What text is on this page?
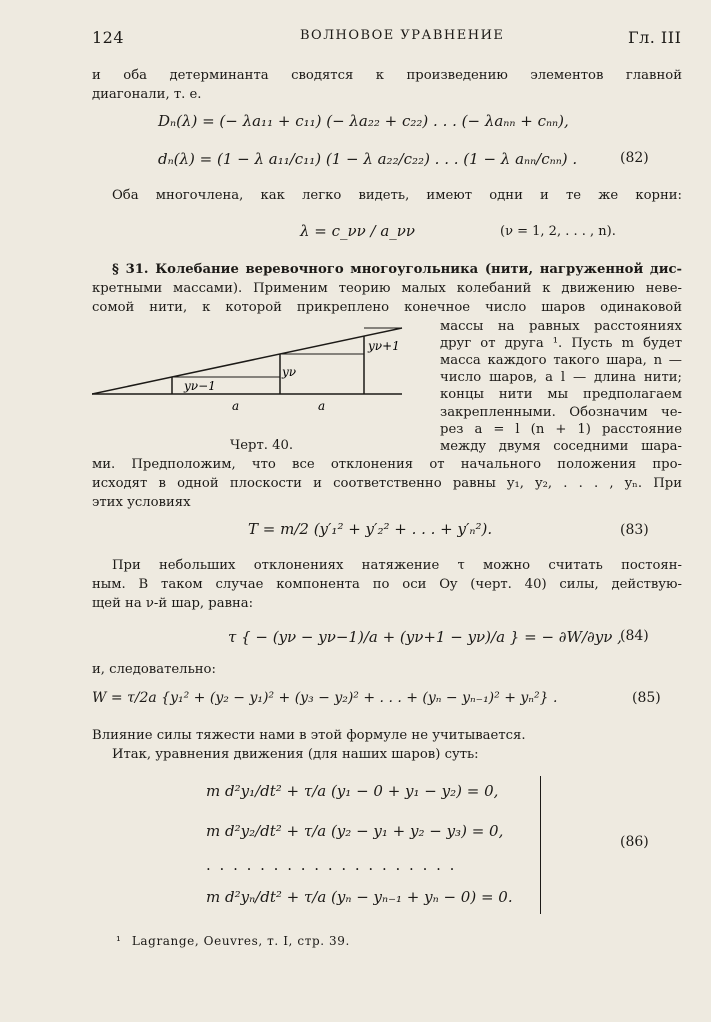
124	ВОЛНОВОЕ УРАВНЕНИЕ	Гл. III
и оба детерминанта сводятся к произведению элементов главной
диагонали, т. е.
Dₙ(λ) = (− λa₁₁ + c₁₁) (− λa₂₂ + c₂₂) . . . (− λaₙₙ + cₙₙ),
dₙ(λ) = (1 − λ a₁₁/c₁₁) (1 − λ a₂₂/c₂₂) . . . (1 − λ aₙₙ/cₙₙ) .	(82)
Оба многочлена, как легко видеть, имеют одни и те же корни:
λ = c_νν / a_νν	(ν = 1, 2, . . . , n).
§ 31. Колебание веревочного многоугольника (нити, нагруженной дис-
кретными массами). Применим теорию малых колебаний к движению неве-
сомой нити, к которой прикреплено конечное число шаров одинаковой
yν+1
yν
yν−1
a	a
Черт. 40.
массы на равных расстояниях
друг от друга ¹. Пусть m будет
масса каждого такого шара, n —
число шаров, а l — длина нити;
концы нити мы предполагаем
закрепленными. Обозначим че-
рез a = l (n + 1) расстояние
между двумя соседними шара-
ми. Предположим, что все отклонения от начального положения про-
исходят в одной плоскости и соответственно равны y₁, y₂, . . . , yₙ. При
этих условиях
T = m/2 (y′₁² + y′₂² + . . . + y′ₙ²).	(83)
При небольших отклонениях натяжение τ можно считать постоян-
ным. В таком случае компонента по оси Oy (черт. 40) силы, действую-
щей на ν-й шар, равна:
τ { − (yν − yν−1)/a + (yν+1 − yν)/a } = − ∂W/∂yν ,
(84)
и, следовательно:
W = τ/2a {y₁² + (y₂ − y₁)² + (y₃ − y₂)² + . . . + (yₙ − yₙ₋₁)² + yₙ²} .	(85)
Влияние силы тяжести нами в этой формуле не учитывается.
Итак, уравнения движения (для наших шаров) суть:
m d²y₁/dt² + τ/a (y₁ − 0 + y₁ − y₂) = 0,
m d²y₂/dt² + τ/a (y₂ − y₁ + y₂ − y₃) = 0,
. . . . . . . . . . . . . . . . . . .
m d²yₙ/dt² + τ/a (yₙ − yₙ₋₁ + yₙ − 0) = 0.
(86)
¹ Lagrange, Oeuvres, т. I, стр. 39.
